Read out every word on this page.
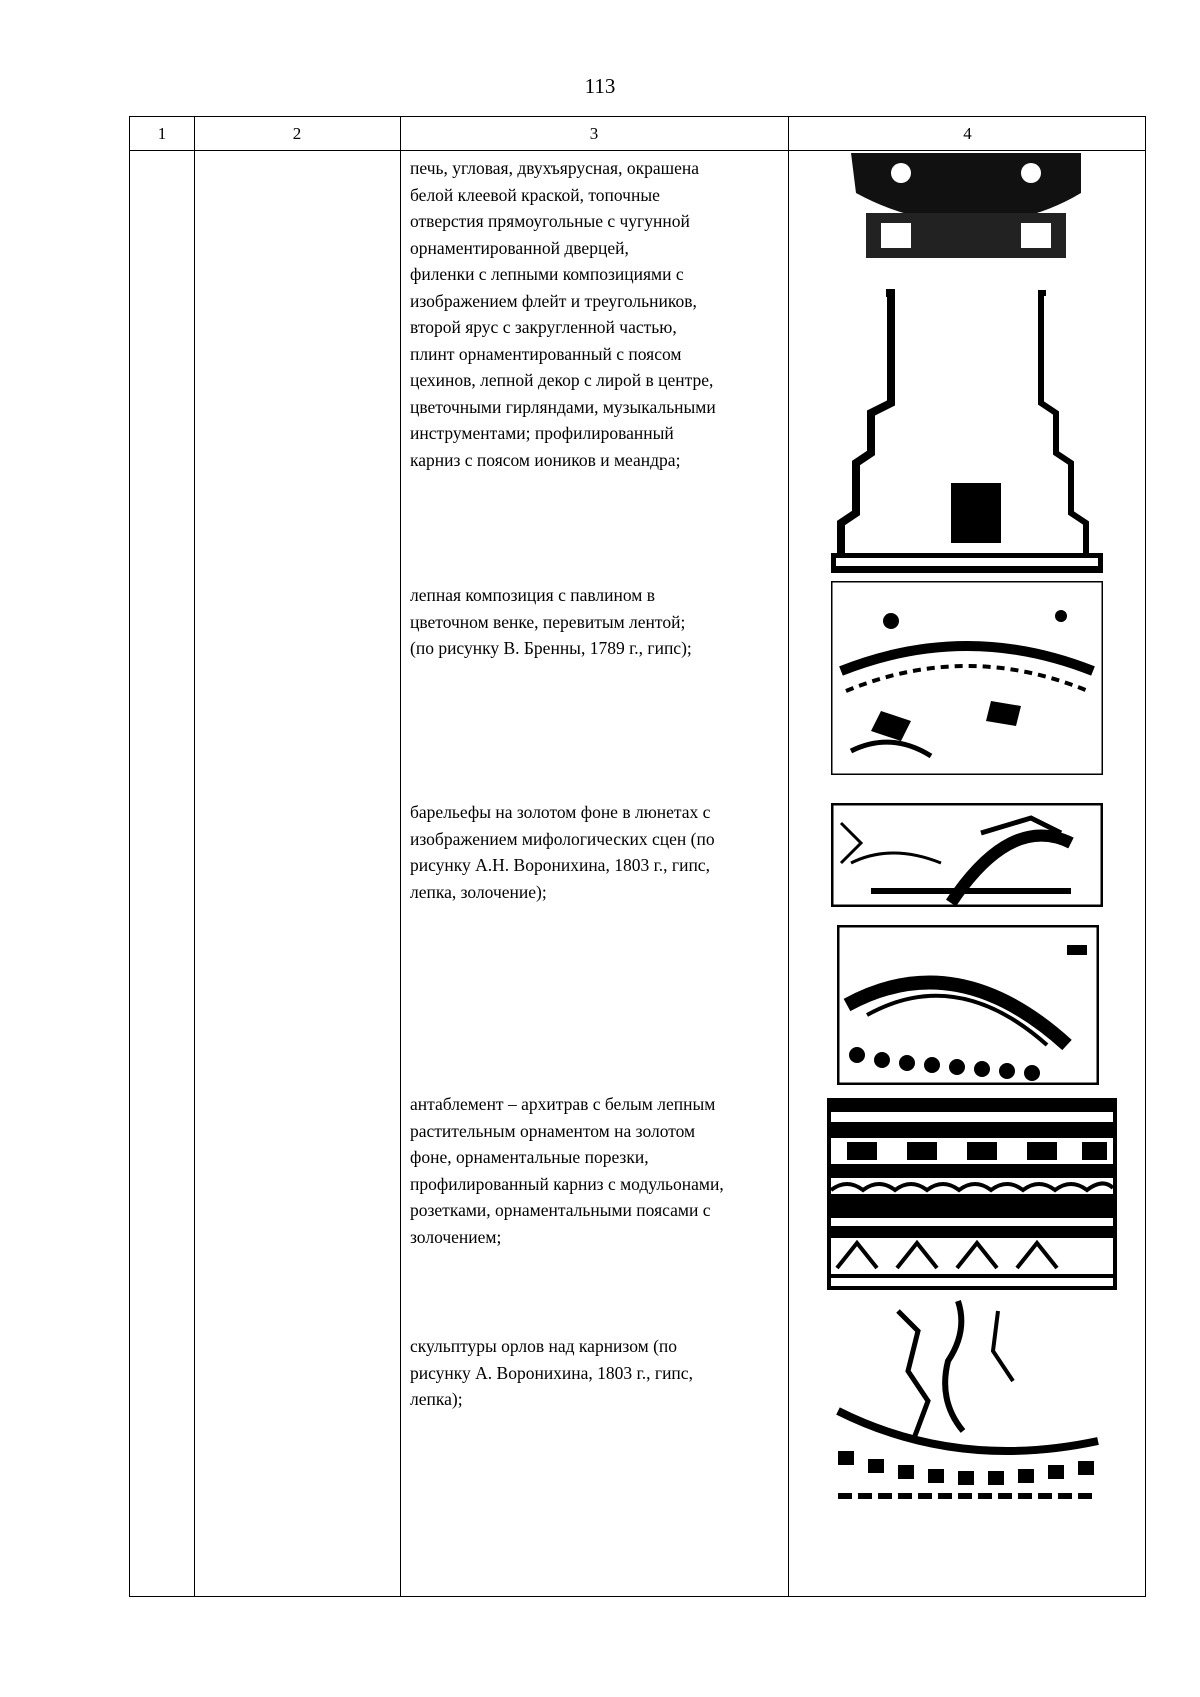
113
1	2	3	4

печь, угловая, двухъярусная, окрашена

белой клеевой краской, топочные

отверстия прямоугольные с чугунной

орнаментированной дверцей,

филенки с лепными композициями с

изображением флейт и треугольников,

второй ярус с закругленной частью,

плинт орнаментированный с поясом

цехинов, лепной декор с лирой в центре,

цветочными гирляндами, музыкальными

инструментами; профилированный

карниз с поясом иоников и меандра;

лепная композиция с павлином в

цветочном венке, перевитым лентой;

(по рисунку В. Бренны, 1789 г., гипс);

барельефы на золотом фоне в люнетах с

изображением мифологических сцен (по

рисунку А.Н. Воронихина, 1803 г., гипс,

лепка, золочение);

антаблемент – архитрав с белым лепным

растительным орнаментом на золотом

фоне, орнаментальные порезки,

профилированный карниз с модульонами,

розетками, орнаментальными поясами с

золочением;

скульптуры орлов над карнизом (по

рисунку А. Воронихина, 1803 г., гипс,

лепка);
